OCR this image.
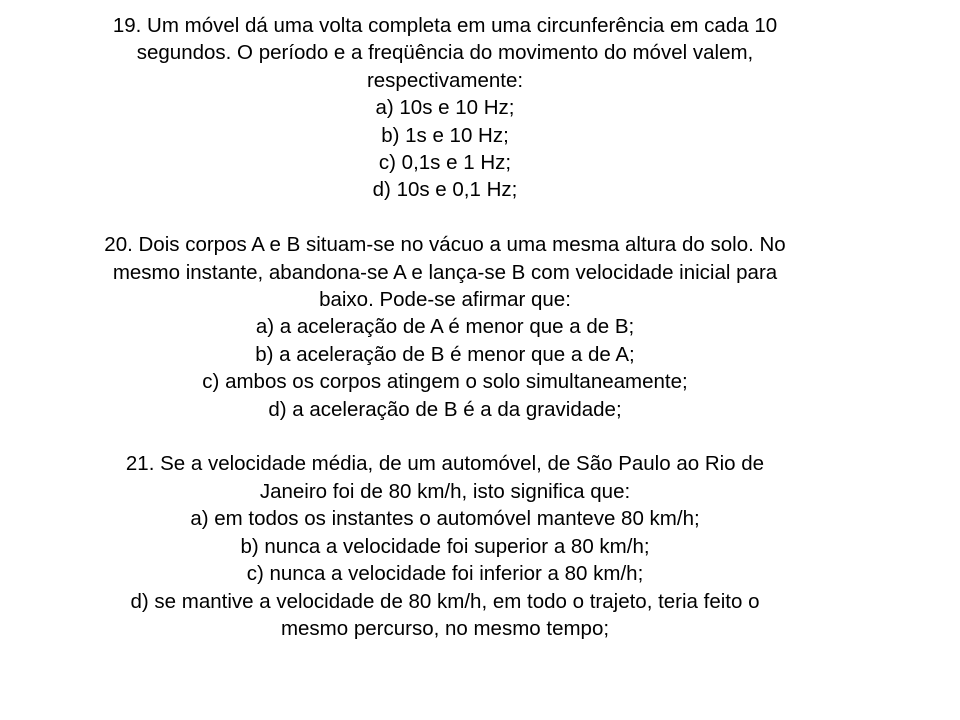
19. Um móvel dá uma volta completa em uma circunferência em cada 10
segundos. O período e a freqüência do movimento do móvel valem,
respectivamente:
a) 10s e 10 Hz;
b) 1s e 10 Hz;
c) 0,1s e 1 Hz;
d) 10s e 0,1 Hz;
20. Dois corpos A e B situam-se no vácuo a uma mesma altura do solo. No
mesmo instante, abandona-se A e lança-se B com velocidade inicial para
baixo. Pode-se afirmar que:
a) a aceleração de A é menor que a de B;
b) a aceleração de B é menor que a de A;
c) ambos os corpos atingem o solo simultaneamente;
d) a aceleração de B é a da gravidade;
21. Se a velocidade média, de um automóvel, de São Paulo ao Rio de
Janeiro foi de 80 km/h, isto significa que:
a) em todos os instantes o automóvel manteve 80 km/h;
b) nunca a velocidade foi superior a 80 km/h;
c) nunca a velocidade foi inferior a 80 km/h;
d) se mantive a velocidade de 80 km/h, em todo o trajeto, teria feito o
mesmo percurso, no mesmo tempo;
